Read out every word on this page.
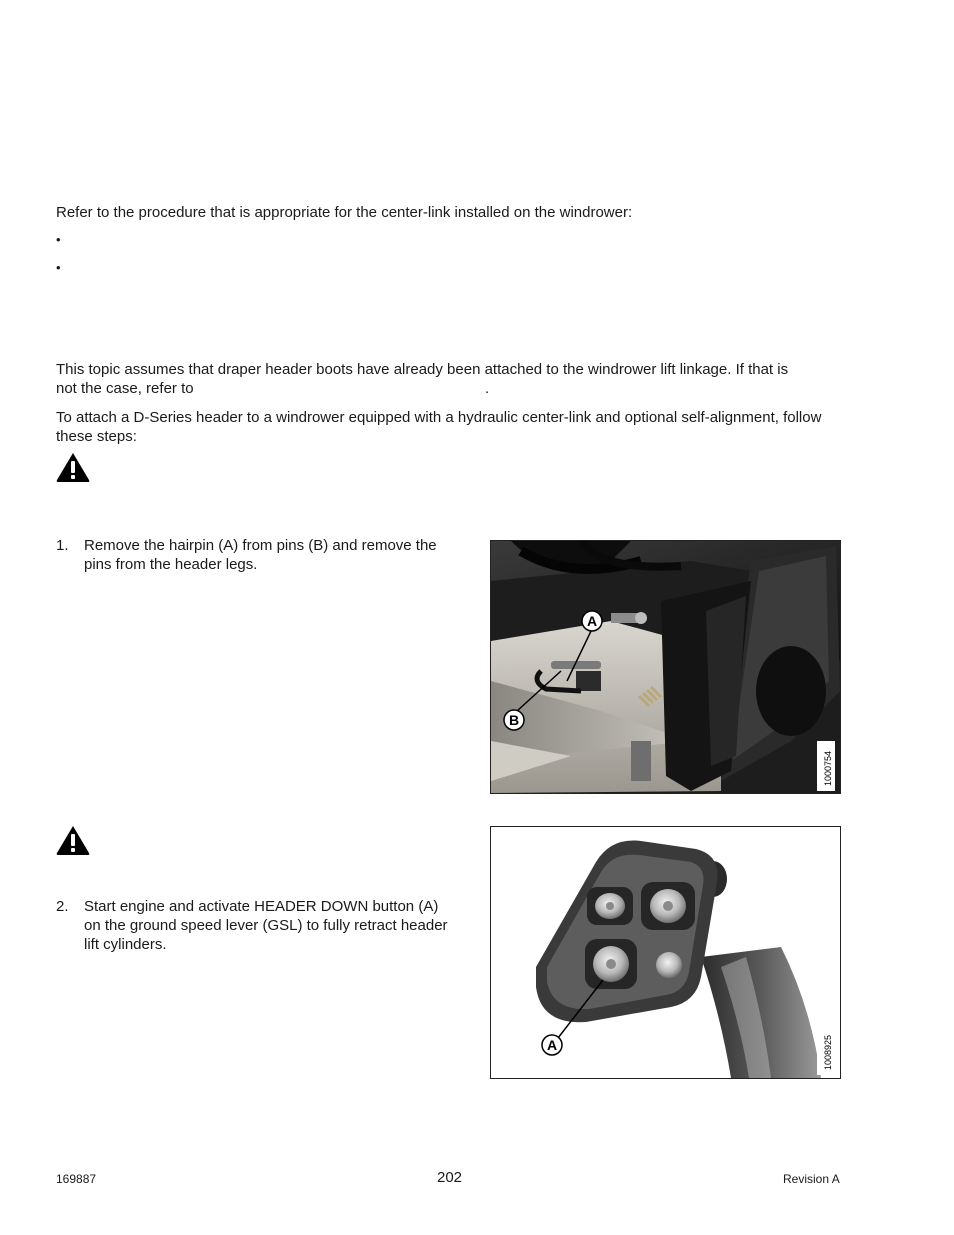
Refer to the procedure that is appropriate for the center-link installed on the windrower:

•
•
This topic assumes that draper header boots have already been attached to the windrower lift linkage. If that is
not the case, refer to	.

To attach a D-Series header to a windrower equipped with a hydraulic center-link and optional self-alignment, follow these steps:

1. Remove the hairpin (A) from pins (B) and remove the pins from the header legs.
A
B
1000754
2. Start engine and activate HEADER DOWN button (A) on the ground speed lever (GSL) to fully retract header lift cylinders.
A	1008925
169887	202	Revision A
